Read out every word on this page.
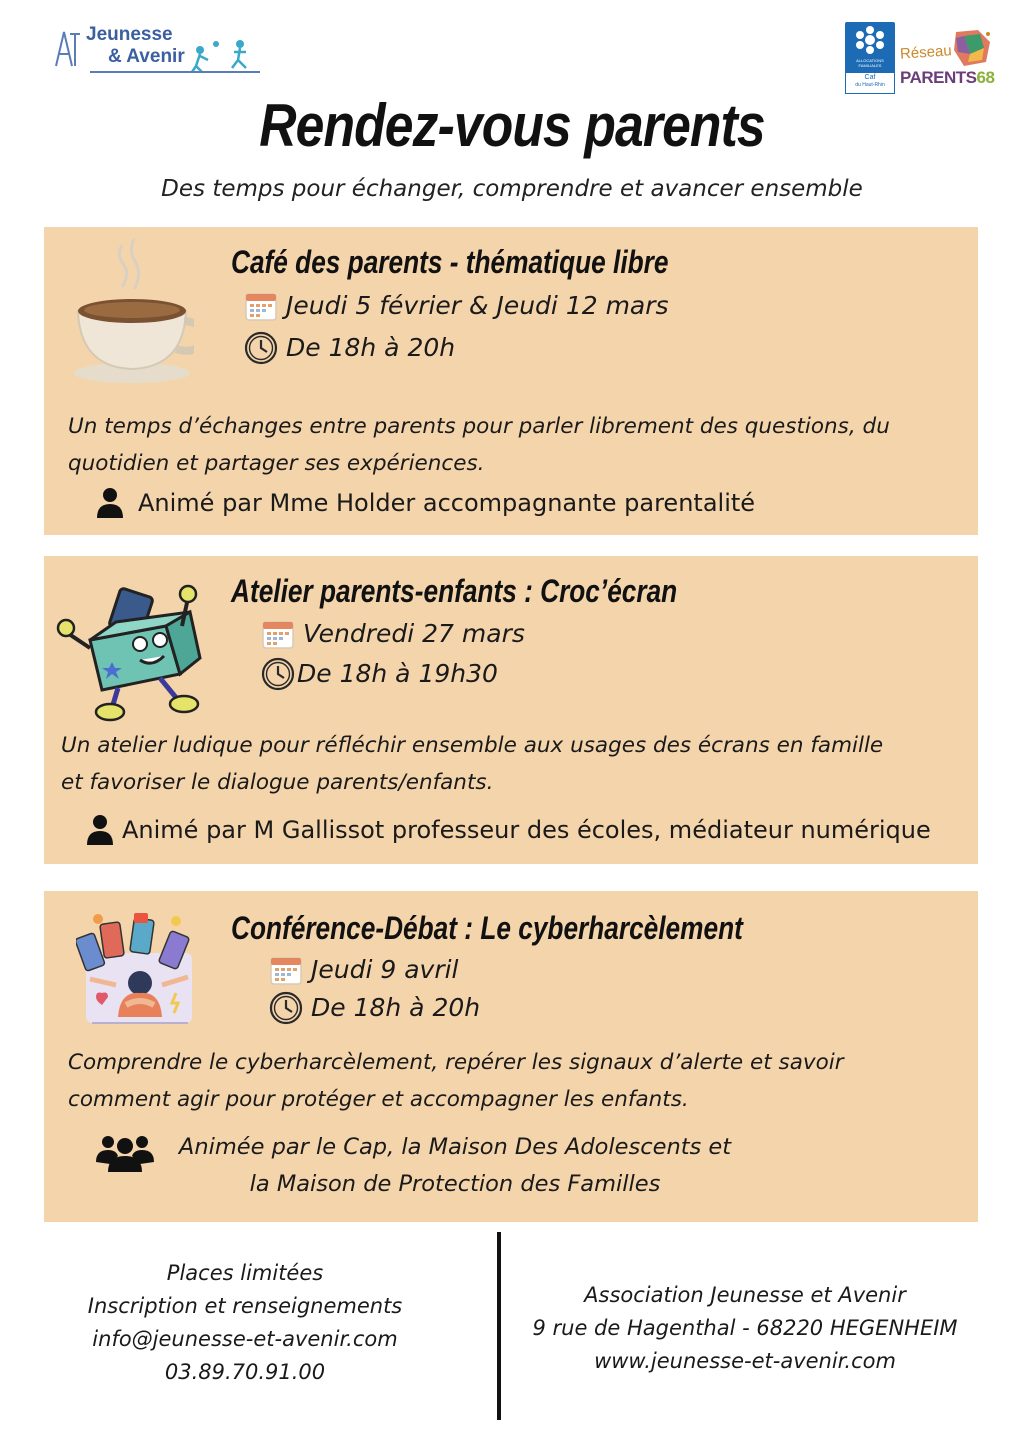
Jeunesse
& Avenir	ALLOCATIONS FAMILIALES
Caf
du Haut-Rhin
Réseau
PARENTS68
Rendez-vous parents
Des temps pour échanger, comprendre et avancer ensemble
Café des parents - thématique libre
Jeudi 5 février & Jeudi 12 mars
De 18h à 20h
Un temps d’échanges entre parents pour parler librement des questions, du
quotidien et partager ses expériences.
Animé par Mme Holder accompagnante parentalité
Atelier parents-enfants : Croc’écran
Vendredi 27 mars
De 18h à 19h30
Un atelier ludique pour réfléchir ensemble aux usages des écrans en famille
et favoriser le dialogue parents/enfants.
Animé par M Gallissot professeur des écoles, médiateur numérique
Conférence-Débat : Le cyberharcèlement
Jeudi 9 avril
De 18h à 20h
Comprendre le cyberharcèlement, repérer les signaux d’alerte et savoir
comment agir pour protéger et accompagner les enfants.
Animée par le Cap, la Maison Des Adolescents et
la Maison de Protection des Familles
Places limitées
Inscription et renseignements
info@jeunesse-et-avenir.com
03.89.70.91.00
Association Jeunesse et Avenir
9 rue de Hagenthal - 68220 HEGENHEIM
www.jeunesse-et-avenir.com
